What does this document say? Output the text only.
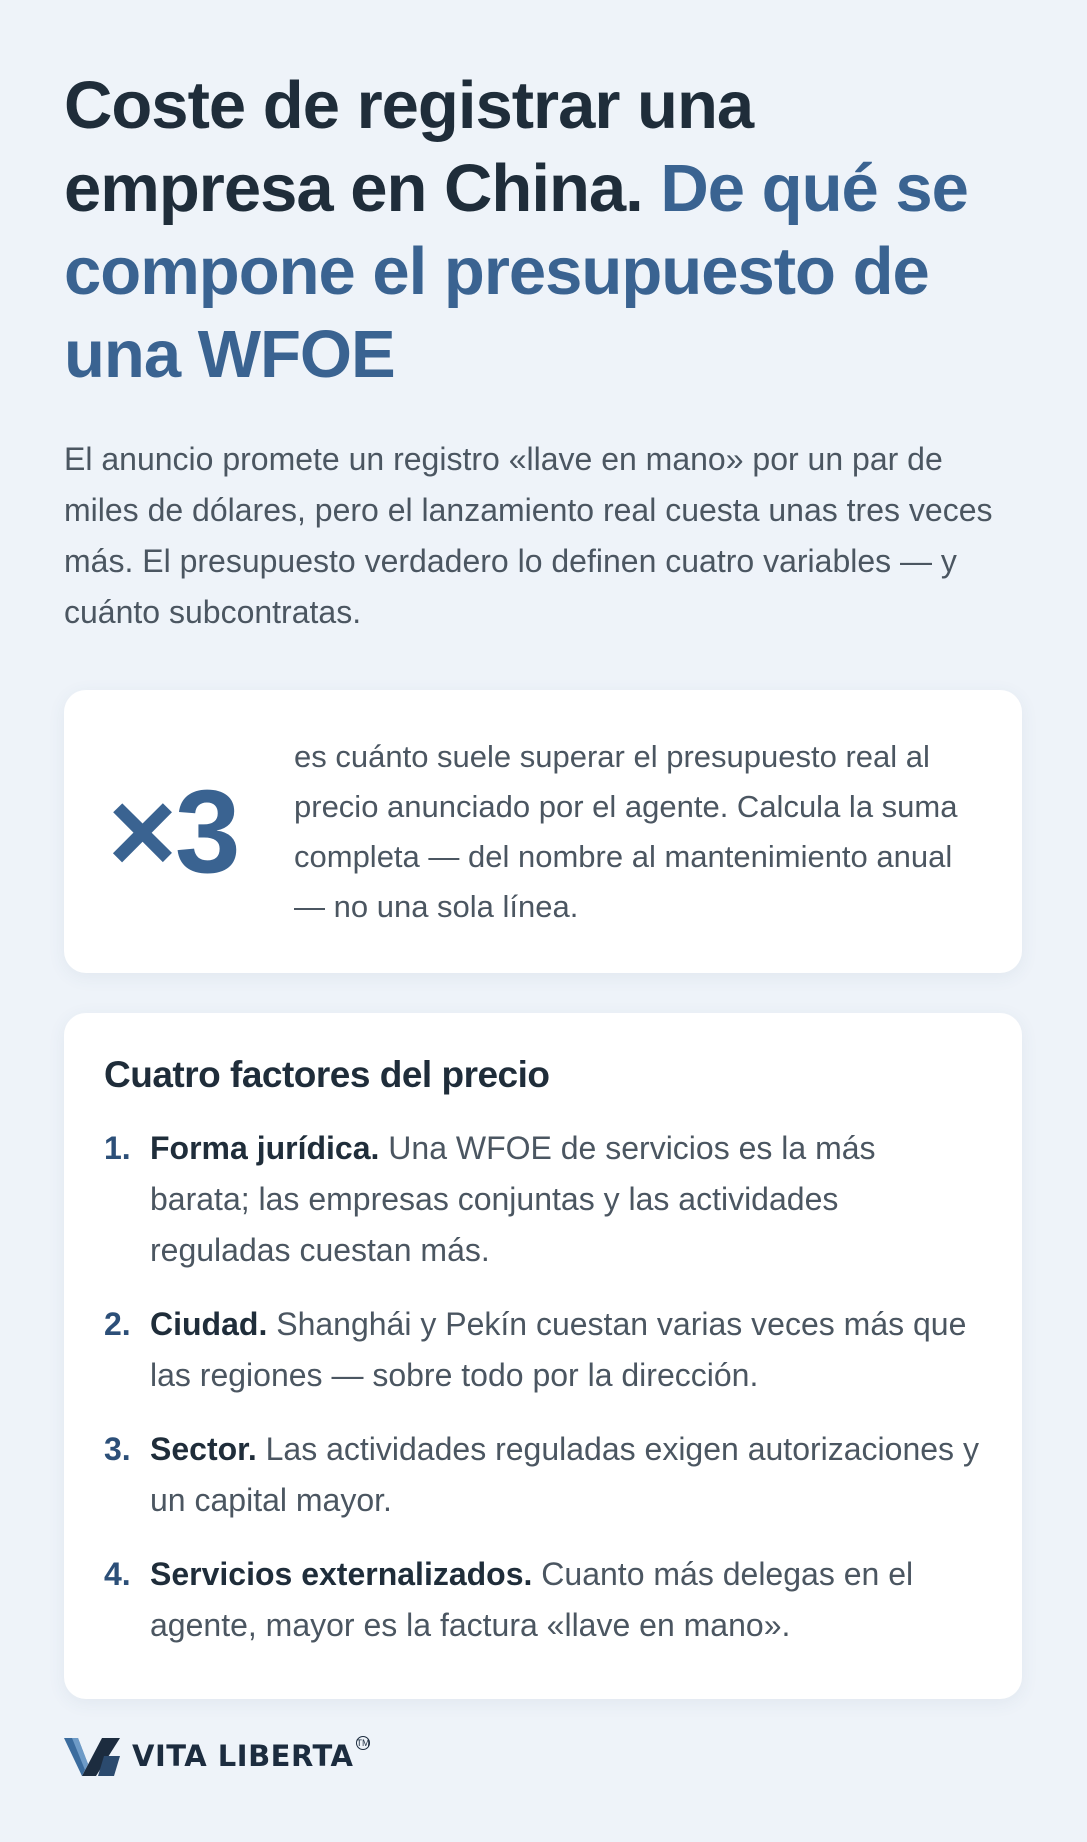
Coste de registrar una empresa en China. De qué se compone el presupuesto de una WFOE

El anuncio promete un registro «llave en mano» por un par de miles de dólares, pero el lanzamiento real cuesta unas tres veces más. El presupuesto verdadero lo definen cuatro variables — y cuánto subcontratas.

×3
es cuánto suele superar el presupuesto real al precio anunciado por el agente. Calcula la suma completa — del nombre al mantenimiento anual — no una sola línea.
Cuatro factores del precio
1. Forma jurídica. Una WFOE de servicios es la más barata; las empresas conjuntas y las actividades reguladas cuestan más.
2. Ciudad. Shanghái y Pekín cuestan varias veces más que las regiones — sobre todo por la dirección.
3. Sector. Las actividades reguladas exigen autorizaciones y un capital mayor.
4. Servicios externalizados. Cuanto más delegas en el agente, mayor es la factura «llave en mano».
VITA LIBERTA TM
